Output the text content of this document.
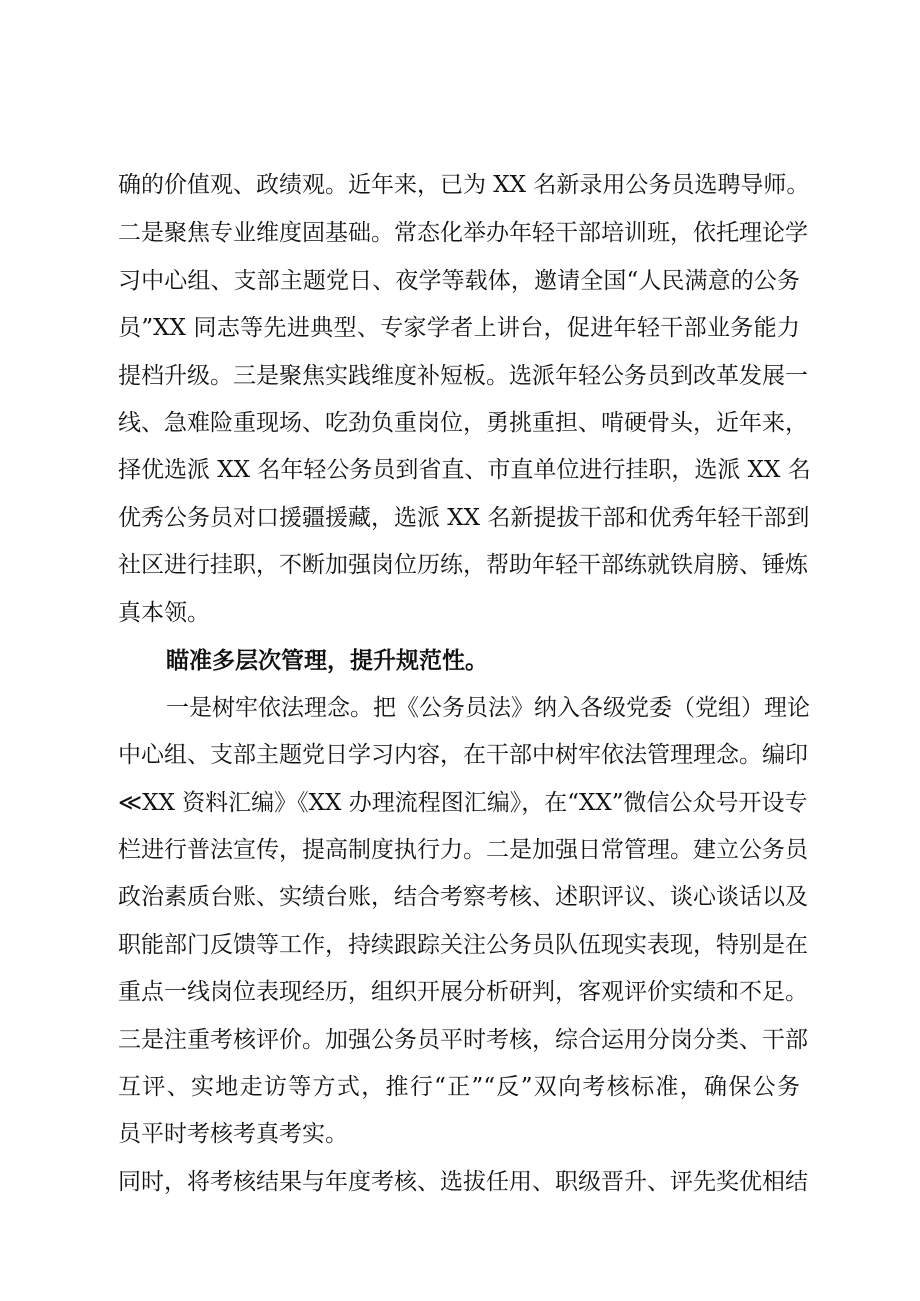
确的价值观、政绩观。近年来，已为 XX 名新录用公务员选聘导师。
二是聚焦专业维度固基础。常态化举办年轻干部培训班，依托理论学
习中心组、支部主题党日、夜学等载体，邀请全国“人民满意的公务
员”XX 同志等先进典型、专家学者上讲台，促进年轻干部业务能力
提档升级。三是聚焦实践维度补短板。选派年轻公务员到改革发展一
线、急难险重现场、吃劲负重岗位，勇挑重担、啃硬骨头，近年来，
择优选派 XX 名年轻公务员到省直、市直单位进行挂职，选派 XX 名
优秀公务员对口援疆援藏，选派 XX 名新提拔干部和优秀年轻干部到
社区进行挂职，不断加强岗位历练，帮助年轻干部练就铁肩膀、锤炼
真本领。
瞄准多层次管理，提升规范性。
一是树牢依法理念。把《公务员法》纳入各级党委（党组）理论
中心组、支部主题党日学习内容，在干部中树牢依法管理理念。编印
≪XX 资料汇编》《XX 办理流程图汇编》，在“XX”微信公众号开设专
栏进行普法宣传，提高制度执行力。二是加强日常管理。建立公务员
政治素质台账、实绩台账，结合考察考核、述职评议、谈心谈话以及
职能部门反馈等工作，持续跟踪关注公务员队伍现实表现，特别是在
重点一线岗位表现经历，组织开展分析研判，客观评价实绩和不足。
三是注重考核评价。加强公务员平时考核，综合运用分岗分类、干部
互评、实地走访等方式，推行“正”“反”双向考核标准，确保公务
员平时考核考真考实。
同时，将考核结果与年度考核、选拔任用、职级晋升、评先奖优相结
